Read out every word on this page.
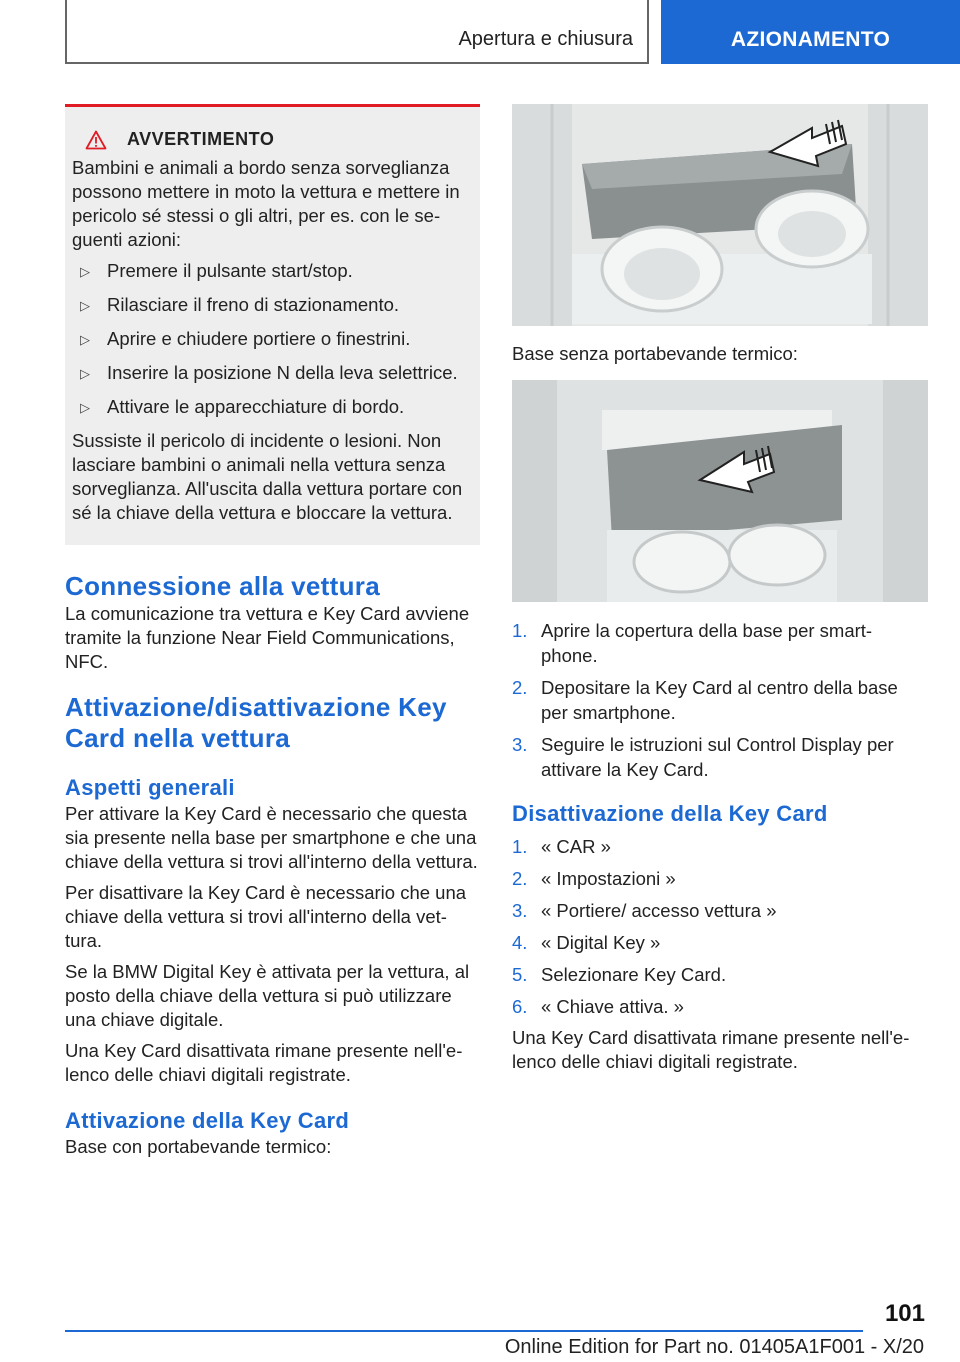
Apertura e chiusura	AZIONAMENTO
AVVERTIMENTO

Bambini e animali a bordo senza sorveglianza possono mettere in moto la vettura e mettere in pericolo sé stessi o gli altri, per es. con le se-guenti azioni:

▷ Premere il pulsante start/stop.
▷ Rilasciare il freno di stazionamento.
▷ Aprire e chiudere portiere o finestrini.
▷ Inserire la posizione N della leva selettrice.
▷ Attivare le apparecchiature di bordo.

Sussiste il pericolo di incidente o lesioni. Non lasciare bambini o animali nella vettura senza sorveglianza. All'uscita dalla vettura portare con sé la chiave della vettura e bloccare la vettura.

Connessione alla vettura

La comunicazione tra vettura e Key Card avviene tramite la funzione Near Field Communications, NFC.

Attivazione/disattivazione Key Card nella vettura
Aspetti generali

Per attivare la Key Card è necessario che questa sia presente nella base per smartphone e che una chiave della vettura si trovi all'interno della vettura.

Per disattivare la Key Card è necessario che una chiave della vettura si trovi all'interno della vet-tura.

Se la BMW Digital Key è attivata per la vettura, al posto della chiave della vettura si può utilizzare una chiave digitale.

Una Key Card disattivata rimane presente nell'e-lenco delle chiavi digitali registrate.

Attivazione della Key Card

Base con portabevande termico:

Base senza portabevande termico:

1. Aprire la copertura della base per smart-phone.
2. Depositare la Key Card al centro della base per smartphone.
3. Seguire le istruzioni sul Control Display per attivare la Key Card.
Disattivazione della Key Card
1. « CAR »
2. « Impostazioni »
3. « Portiere/ accesso vettura »
4. « Digital Key »
5. Selezionare Key Card.
6. « Chiave attiva. »

Una Key Card disattivata rimane presente nell'e-lenco delle chiavi digitali registrate.

101
Online Edition for Part no. 01405A1F001 - X/20
